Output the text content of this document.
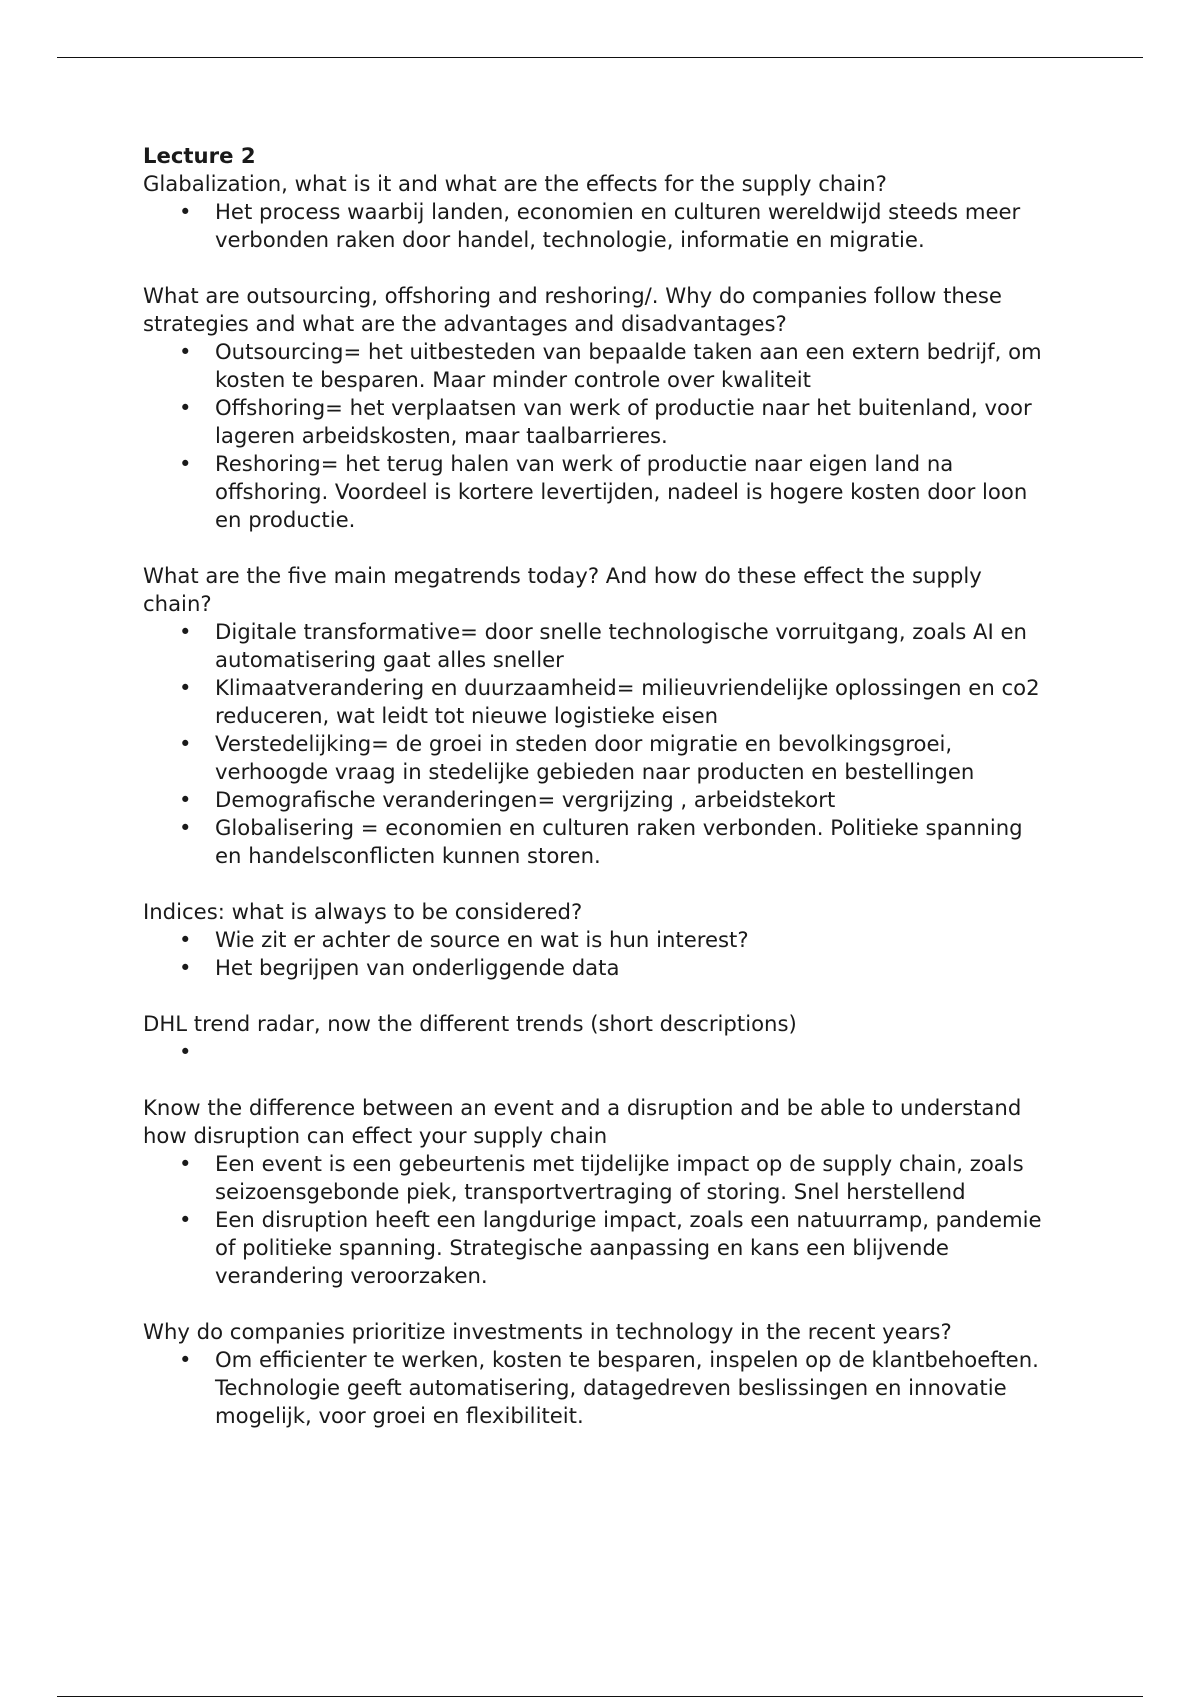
Lecture 2

Glabalization, what is it and what are the effects for the supply chain?

• Het process waarbij landen, economien en culturen wereldwijd steeds meer verbonden raken door handel, technologie, informatie en migratie.

What are outsourcing, offshoring and reshoring/. Why do companies follow these strategies and what are the advantages and disadvantages?

• Outsourcing= het uitbesteden van bepaalde taken aan een extern bedrijf, om kosten te besparen. Maar minder controle over kwaliteit
• Offshoring= het verplaatsen van werk of productie naar het buitenland, voor lageren arbeidskosten, maar taalbarrieres.
• Reshoring= het terug halen van werk of productie naar eigen land na offshoring. Voordeel is kortere levertijden, nadeel is hogere kosten door loon en productie.

What are the five main megatrends today? And how do these effect the supply chain?

• Digitale transformative= door snelle technologische vorruitgang, zoals AI en automatisering gaat alles sneller
• Klimaatverandering en duurzaamheid= milieuvriendelijke oplossingen en co2 reduceren, wat leidt tot nieuwe logistieke eisen
• Verstedelijking= de groei in steden door migratie en bevolkingsgroei, verhoogde vraag in stedelijke gebieden naar producten en bestellingen
• Demografische veranderingen= vergrijzing , arbeidstekort
• Globalisering = economien en culturen raken verbonden. Politieke spanning en handelsconflicten kunnen storen.

Indices: what is always to be considered?

• Wie zit er achter de source en wat is hun interest?
• Het begrijpen van onderliggende data

DHL trend radar, now the different trends (short descriptions)

•

Know the difference between an event and a disruption and be able to understand how disruption can effect your supply chain

• Een event is een gebeurtenis met tijdelijke impact op de supply chain, zoals seizoensgebonde piek, transportvertraging of storing. Snel herstellend
• Een disruption heeft een langdurige impact, zoals een natuurramp, pandemie of politieke spanning. Strategische aanpassing en kans een blijvende verandering veroorzaken.

Why do companies prioritize investments in technology in the recent years?

• Om efficienter te werken, kosten te besparen, inspelen op de klantbehoeften. Technologie geeft automatisering, datagedreven beslissingen en innovatie mogelijk, voor groei en flexibiliteit.
